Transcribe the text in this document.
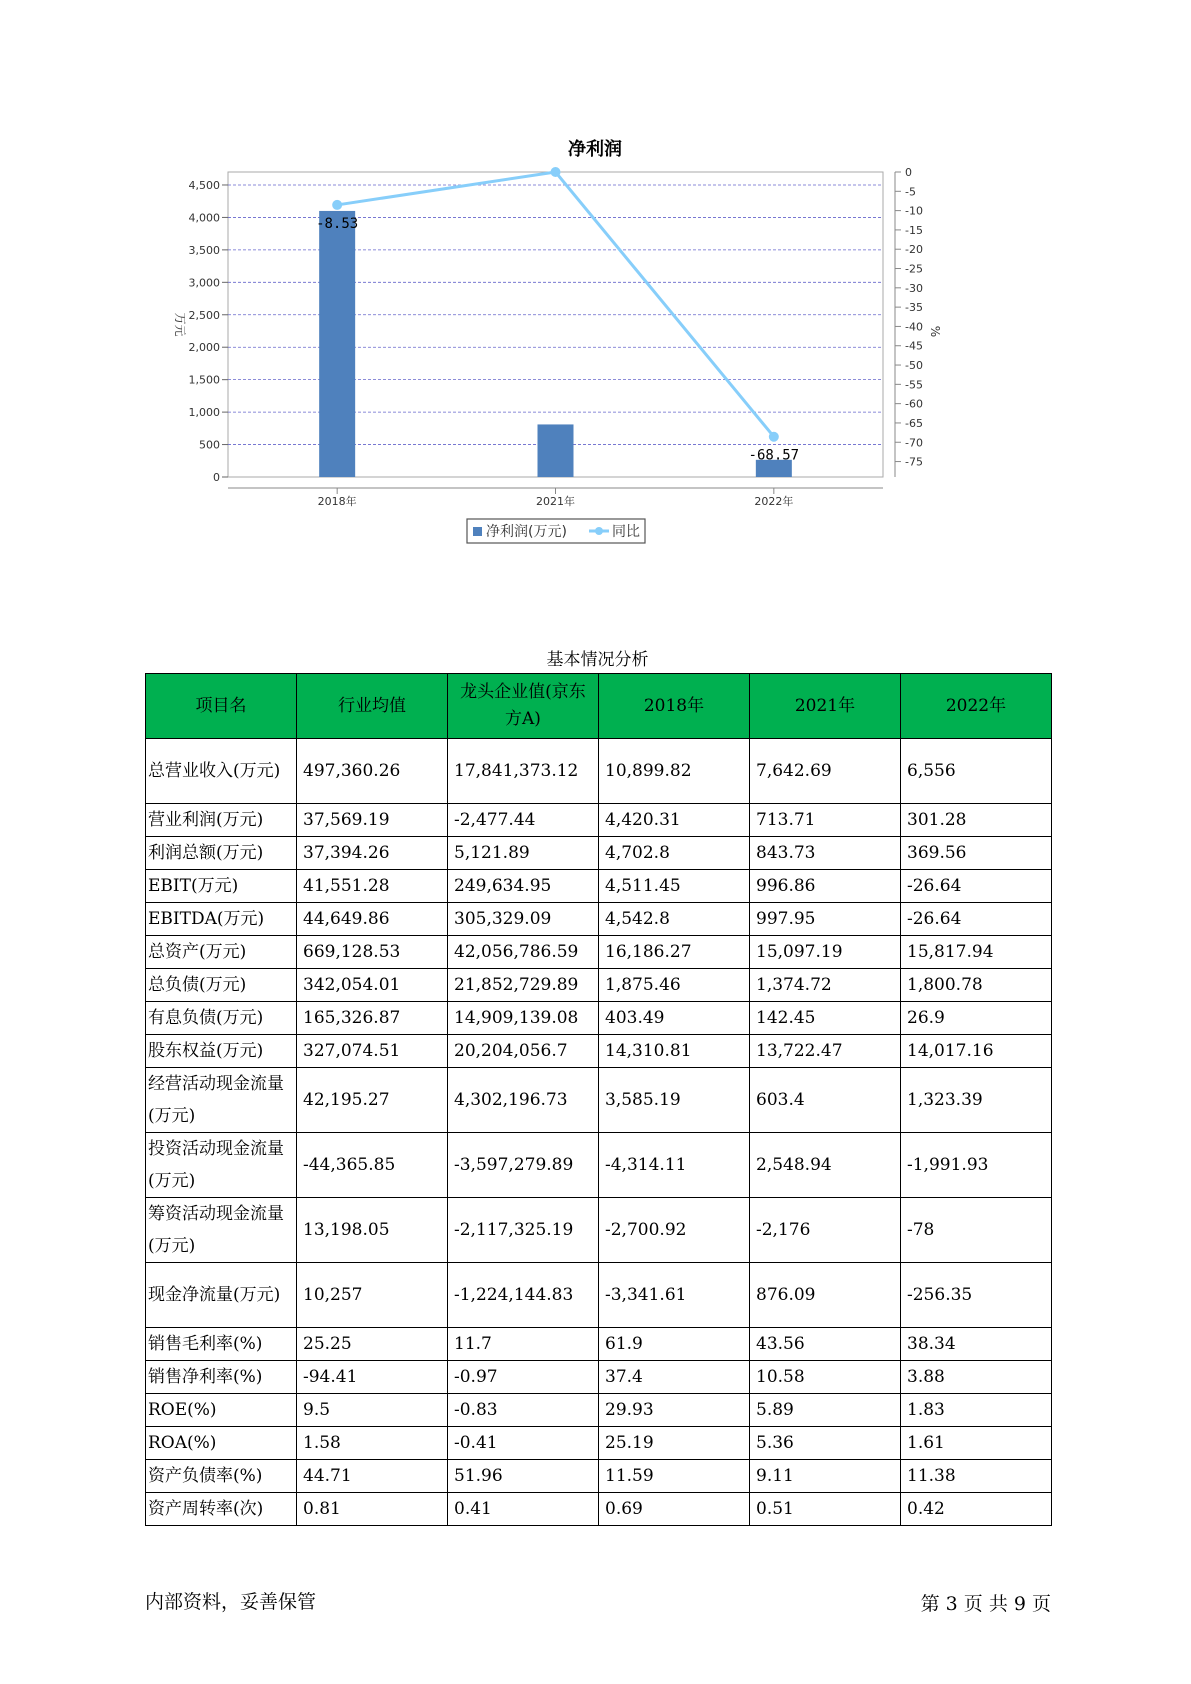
净利润
0
500
1,000
1,500
2,000
2,500
3,000
3,500
4,000
4,500
0
-5
-10
-15
-20
-25
-30
-35
-40
-45
-50
-55
-60
-65
-70
-75
万元	%
2018年	2021年	2022年
-8.53
-68.57
净利润(万元)	同比
基本情况分析
项目名	行业均值	龙头企业值(京东方A)	2018年	2021年	2022年
总营业收入(万元)	497,360.26	17,841,373.12	10,899.82	7,642.69	6,556
营业利润(万元)	37,569.19	-2,477.44	4,420.31	713.71	301.28
利润总额(万元)	37,394.26	5,121.89	4,702.8	843.73	369.56
EBIT(万元)	41,551.28	249,634.95	4,511.45	996.86	-26.64
EBITDA(万元)	44,649.86	305,329.09	4,542.8	997.95	-26.64
总资产(万元)	669,128.53	42,056,786.59	16,186.27	15,097.19	15,817.94
总负债(万元)	342,054.01	21,852,729.89	1,875.46	1,374.72	1,800.78
有息负债(万元)	165,326.87	14,909,139.08	403.49	142.45	26.9
股东权益(万元)	327,074.51	20,204,056.7	14,310.81	13,722.47	14,017.16
经营活动现金流量(万元)	42,195.27	4,302,196.73	3,585.19	603.4	1,323.39
投资活动现金流量(万元)	-44,365.85	-3,597,279.89	-4,314.11	2,548.94	-1,991.93
筹资活动现金流量(万元)	13,198.05	-2,117,325.19	-2,700.92	-2,176	-78
现金净流量(万元)	10,257	-1,224,144.83	-3,341.61	876.09	-256.35
销售毛利率(%)	25.25	11.7	61.9	43.56	38.34
销售净利率(%)	-94.41	-0.97	37.4	10.58	3.88
ROE(%)	9.5	-0.83	29.93	5.89	1.83
ROA(%)	1.58	-0.41	25.19	5.36	1.61
资产负债率(%)	44.71	51.96	11.59	9.11	11.38
资产周转率(次)	0.81	0.41	0.69	0.51	0.42
内部资料，妥善保管	第 3 页 共 9 页
